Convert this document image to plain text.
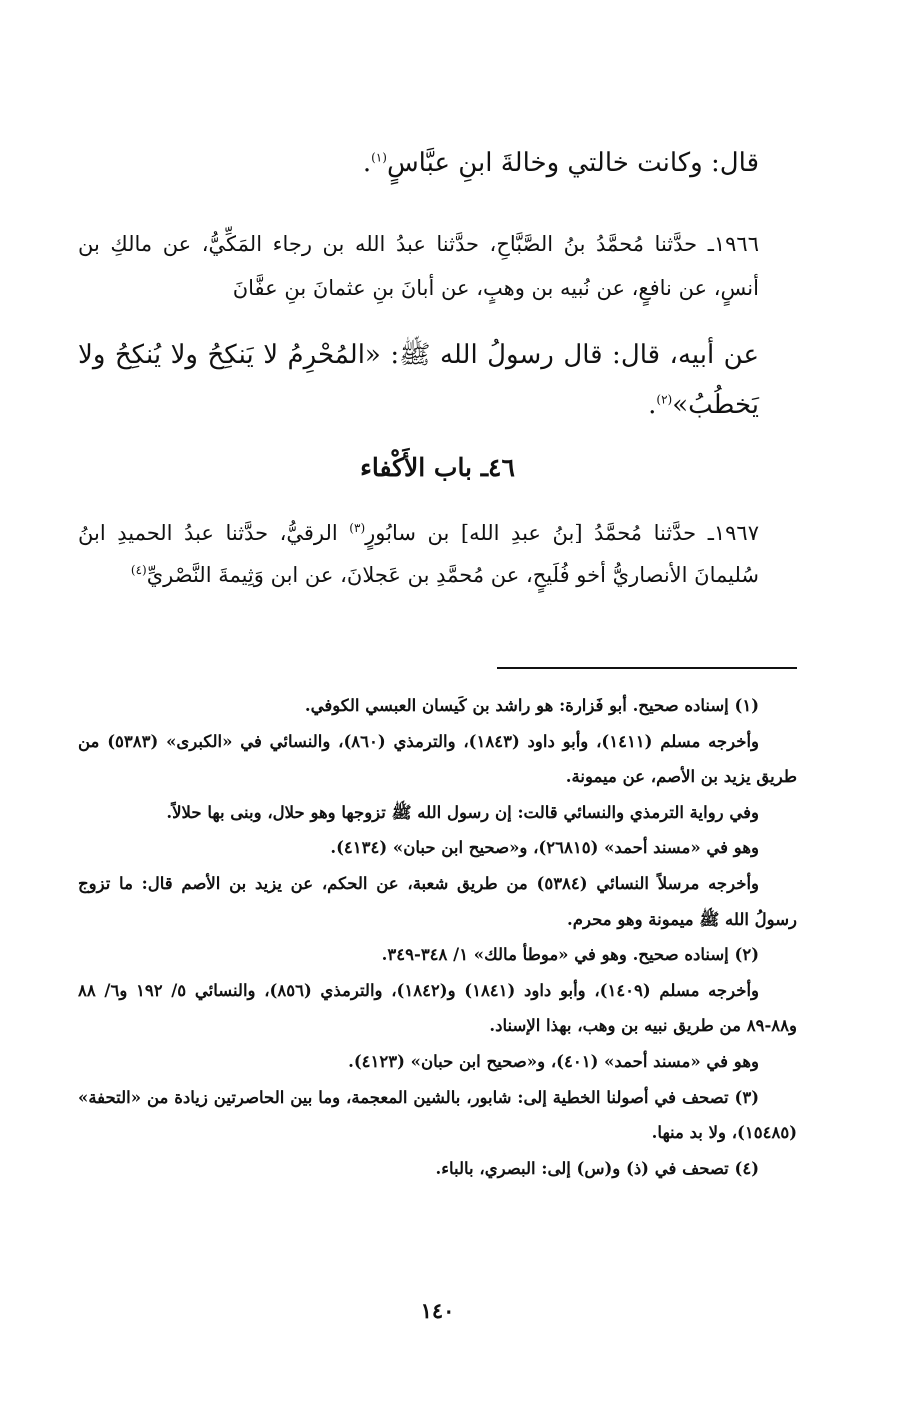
قال: وكانت خالتي وخالةَ ابنِ عبَّاسٍ$^{(١)}$.

١٩٦٦ـ حدَّثنا مُحمَّدُ بنُ الصَّبَّاحِ، حدَّثنا عبدُ الله بن رجاء المَكِّيُّ، عن مالكِ بن أنسٍ، عن نافعٍ، عن نُبيه بن وهبٍ، عن أبانَ بنِ عثمانَ بنِ عفَّانَ

عن أبيه، قال: قال رسولُ الله ﷺ: «المُحْرِمُ لا يَنكِحُ ولا يُنكِحُ ولا يَخطُبُ»$^{(٢)}$.

٤٦ـ باب الأَكْفاء

١٩٦٧ـ حدَّثنا مُحمَّدُ [بنُ عبدِ الله] بن سابُورٍ$^{(٣)}$ الرقيُّ، حدَّثنا عبدُ الحميدِ ابنُ سُليمانَ الأنصاريُّ أخو فُلَيحٍ، عن مُحمَّدِ بن عَجلانَ، عن ابن وَثِيمةَ النَّصْريِّ$^{(٤)}$

(١) إسناده صحيح. أبو فَزارة: هو راشد بن كَيسان العبسي الكوفي.

وأخرجه مسلم (١٤١١)، وأبو داود (١٨٤٣)، والترمذي (٨٦٠)، والنسائي في «الكبرى» (٥٣٨٣) من طريق يزيد بن الأصم، عن ميمونة.

وفي رواية الترمذي والنسائي قالت: إن رسول الله ﷺ تزوجها وهو حلال، وبنى بها حلالاً.

وهو في «مسند أحمد» (٢٦٨١٥)، و«صحيح ابن حبان» (٤١٣٤).

وأخرجه مرسلاً النسائي (٥٣٨٤) من طريق شعبة، عن الحكم، عن يزيد بن الأصم قال: ما تزوج رسولُ الله ﷺ ميمونة وهو محرم.

(٢) إسناده صحيح. وهو في «موطأ مالك» ١/ ٣٤٨-٣٤٩.

وأخرجه مسلم (١٤٠٩)، وأبو داود (١٨٤١) و(١٨٤٢)، والترمذي (٨٥٦)، والنسائي ٥/ ١٩٢ و٦/ ٨٨ و٨٨-٨٩ من طريق نبيه بن وهب، بهذا الإسناد.

وهو في «مسند أحمد» (٤٠١)، و«صحيح ابن حبان» (٤١٢٣).

(٣) تصحف في أصولنا الخطية إلى: شابور، بالشين المعجمة، وما بين الحاصرتين زيادة من «التحفة» (١٥٤٨٥)، ولا بد منها.

(٤) تصحف في (ذ) و(س) إلى: البصري، بالباء.

١٤٠
